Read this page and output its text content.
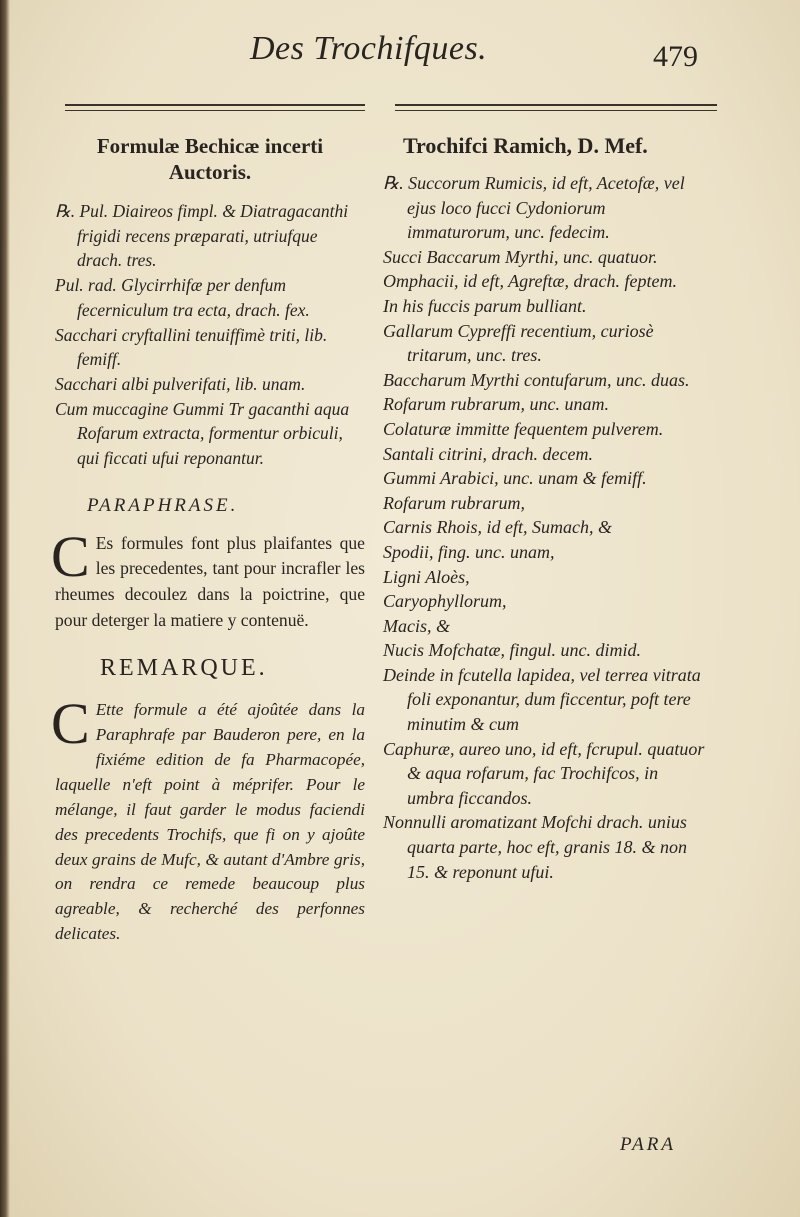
Des Trochifques.	479
Formulæ Bechicæ incerti Auctoris.

℞. Pul. Diaireos fimpl. & Diatragacanthi frigidi recens præparati, utriufque drach. tres.

Pul. rad. Glycirrhifæ per denfum fecerniculum tra ecta, drach. fex.

Sacchari cryftallini tenuiffimè triti, lib. femiff.

Sacchari albi pulverifati, lib. unam.

Cum muccagine Gummi Tr gacanthi aqua Rofarum extracta, formentur orbiculi, qui ficcati ufui reponantur.

PARAPHRASE.

C Es formules font plus plaifantes que les precedentes, tant pour incrafler les rheumes decoulez dans la poictrine, que pour deterger la matiere y contenuë.

REMARQUE.

C Ette formule a été ajoûtée dans la Paraphrafe par Bauderon pere, en la fixiéme edition de fa Pharmacopée, laquelle n'eft point à méprifer. Pour le mélange, il faut garder le modus faciendi des precedents Trochifs, que fi on y ajoûte deux grains de Mufc, & autant d'Ambre gris, on rendra ce remede beaucoup plus agreable, & recherché des perfonnes delicates.

Trochifci Ramich, D. Mef.

℞. Succorum Rumicis, id eft, Acetofæ, vel ejus loco fucci Cydoniorum immaturorum, unc. fedecim.

Succi Baccarum Myrthi, unc. quatuor.

Omphacii, id eft, Agreftæ, drach. feptem.

In his fuccis parum bulliant.

Gallarum Cypreffi recentium, curiosè tritarum, unc. tres.

Baccharum Myrthi contufarum, unc. duas.

Rofarum rubrarum, unc. unam.

Colaturæ immitte fequentem pulverem.

Santali citrini, drach. decem.

Gummi Arabici, unc. unam & femiff.

Rofarum rubrarum,

Carnis Rhois, id eft, Sumach, &

Spodii, fing. unc. unam,

Ligni Aloès,

Caryophyllorum,

Macis, &

Nucis Mofchatæ, fingul. unc. dimid.

Deinde in fcutella lapidea, vel terrea vitrata foli exponantur, dum ficcentur, poft tere minutim & cum

Caphuræ, aureo uno, id eft, fcrupul. quatuor & aqua rofarum, fac Trochifcos, in umbra ficcandos.

Nonnulli aromatizant Mofchi drach. unius quarta parte, hoc eft, granis 18. & non 15. & reponunt ufui.

PARA
